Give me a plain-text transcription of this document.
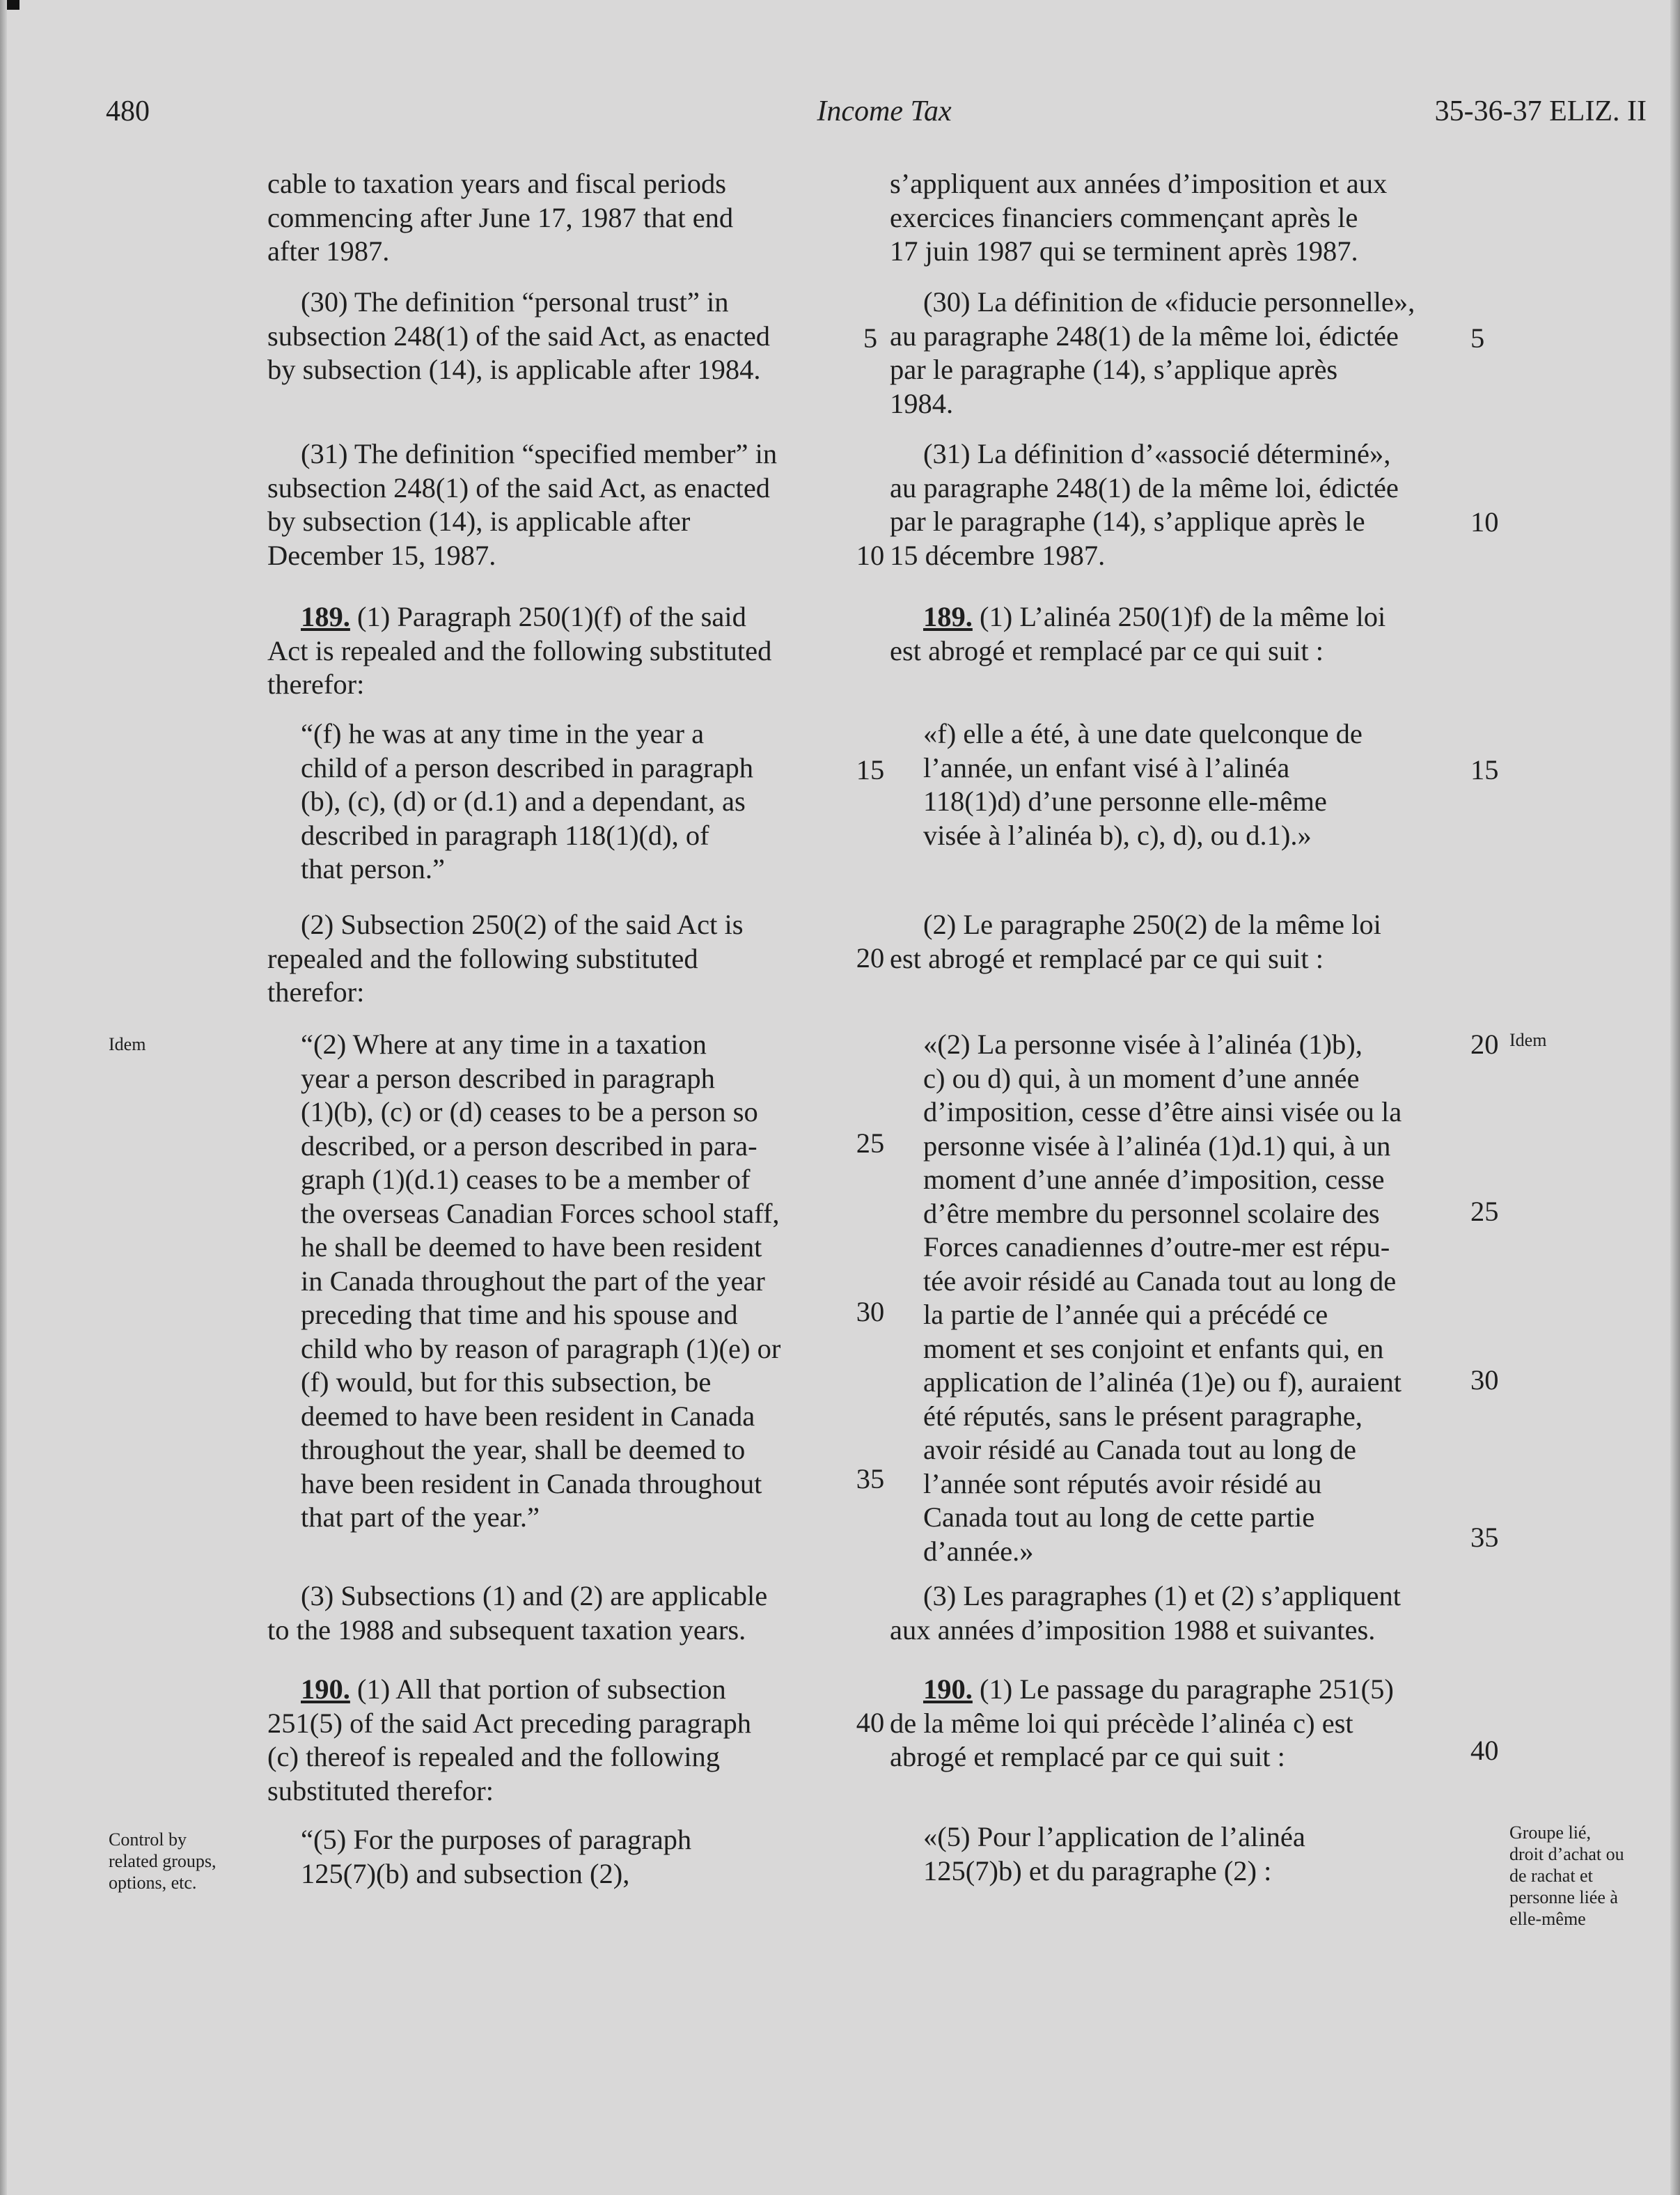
480	Income Tax	35-36-37 ELIZ. II
cable to taxation years and fiscal periods
commencing after June 17, 1987 that end
after 1987.
(30) The definition “personal trust” in
subsection 248(1) of the said Act, as enacted
by subsection (14), is applicable after 1984.
(31) The definition “specified member” in
subsection 248(1) of the said Act, as enacted
by subsection (14), is applicable after
December 15, 1987.
189. (1) Paragraph 250(1)(f) of the said
Act is repealed and the following substituted
therefor:
“(f) he was at any time in the year a
child of a person described in paragraph
(b), (c), (d) or (d.1) and a dependant, as
described in paragraph 118(1)(d), of
that person.”
(2) Subsection 250(2) of the said Act is
repealed and the following substituted
therefor:
“(2) Where at any time in a taxation
year a person described in paragraph
(1)(b), (c) or (d) ceases to be a person so
described, or a person described in para-
graph (1)(d.1) ceases to be a member of
the overseas Canadian Forces school staff,
he shall be deemed to have been resident
in Canada throughout the part of the year
preceding that time and his spouse and
child who by reason of paragraph (1)(e) or
(f) would, but for this subsection, be
deemed to have been resident in Canada
throughout the year, shall be deemed to
have been resident in Canada throughout
that part of the year.”
(3) Subsections (1) and (2) are applicable
to the 1988 and subsequent taxation years.
190. (1) All that portion of subsection
251(5) of the said Act preceding paragraph
(c) thereof is repealed and the following
substituted therefor:
“(5) For the purposes of paragraph
125(7)(b) and subsection (2),
s’appliquent aux années d’imposition et aux
exercices financiers commençant après le
17 juin 1987 qui se terminent après 1987.
(30) La définition de «fiducie personnelle»,
au paragraphe 248(1) de la même loi, édictée
par le paragraphe (14), s’applique après
1984.
(31) La définition d’«associé déterminé»,
au paragraphe 248(1) de la même loi, édictée
par le paragraphe (14), s’applique après le
15 décembre 1987.
189. (1) L’alinéa 250(1)f) de la même loi
est abrogé et remplacé par ce qui suit :
«f) elle a été, à une date quelconque de
l’année, un enfant visé à l’alinéa
118(1)d) d’une personne elle-même
visée à l’alinéa b), c), d), ou d.1).»
(2) Le paragraphe 250(2) de la même loi
est abrogé et remplacé par ce qui suit :
«(2) La personne visée à l’alinéa (1)b),
c) ou d) qui, à un moment d’une année
d’imposition, cesse d’être ainsi visée ou la
personne visée à l’alinéa (1)d.1) qui, à un
moment d’une année d’imposition, cesse
d’être membre du personnel scolaire des
Forces canadiennes d’outre-mer est répu-
tée avoir résidé au Canada tout au long de
la partie de l’année qui a précédé ce
moment et ses conjoint et enfants qui, en
application de l’alinéa (1)e) ou f), auraient
été réputés, sans le présent paragraphe,
avoir résidé au Canada tout au long de
l’année sont réputés avoir résidé au
Canada tout au long de cette partie
d’année.»
(3) Les paragraphes (1) et (2) s’appliquent
aux années d’imposition 1988 et suivantes.
190. (1) Le passage du paragraphe 251(5)
de la même loi qui précède l’alinéa c) est
abrogé et remplacé par ce qui suit :
«(5) Pour l’application de l’alinéa
125(7)b) et du paragraphe (2) :
5
10
15
20
25
30
35
40
5
10
15
20
25
30
35
40
Idem
Control by
related groups,
options, etc.
Idem
Groupe lié,
droit d’achat ou
de rachat et
personne liée à
elle-même
